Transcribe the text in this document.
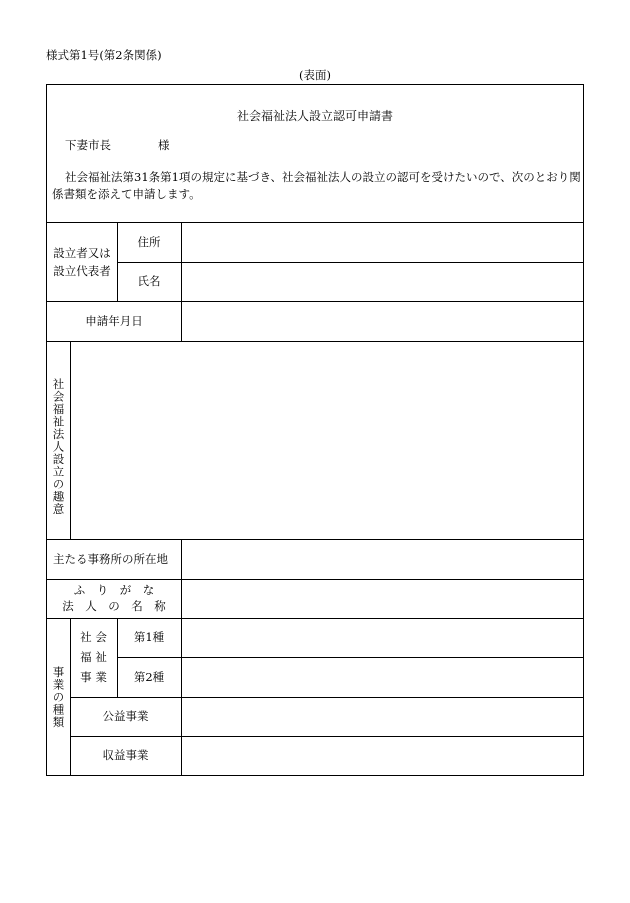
様式第1号(第2条関係)
(表面)
社会福祉法人設立認可申請書
下妻市長	様
社会福祉法第31条第1項の規定に基づき、社会福祉法人の設立の認可を受けたいので、次のとおり関係書類を添えて申請します。
設立者又は
設立代表者
住所
氏名
申請年月日
社会福祉法人設立の趣意
主たる事務所の所在地
ふ　り　が　な
法　人　の　名　称
事業の種類
社 会
福 祉
事 業
第1種
第2種
公益事業
収益事業
